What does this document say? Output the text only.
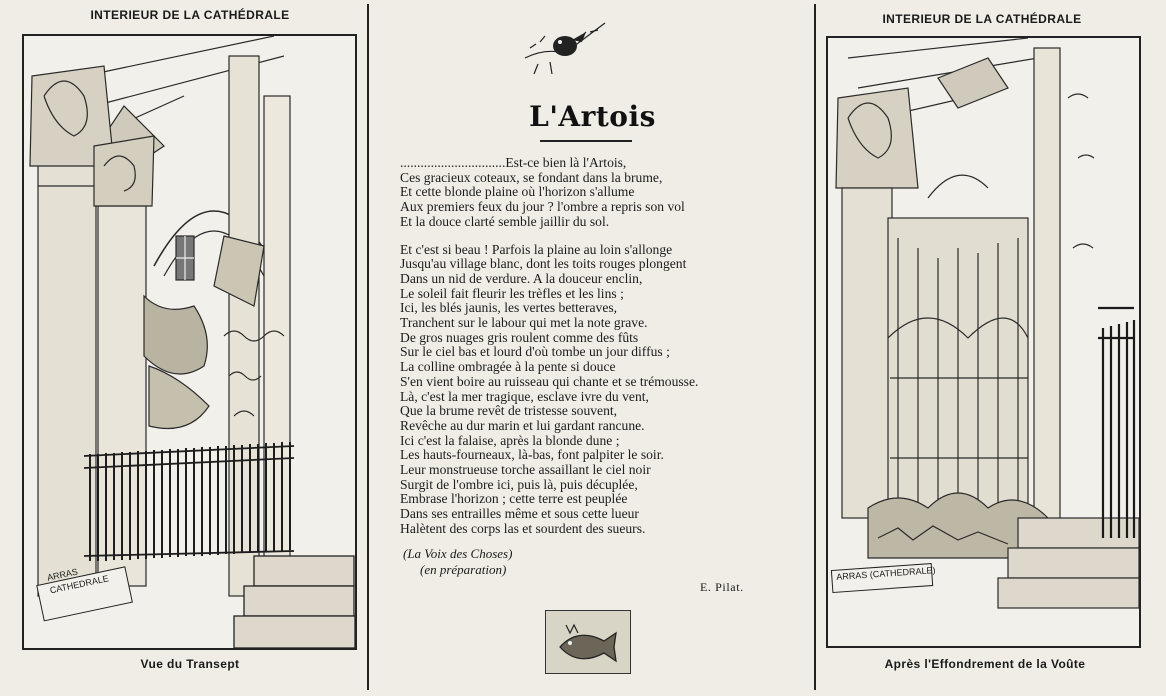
INTERIEUR DE LA CATHÉDRALE
ARRAS CATHEDRALE
Vue du Transept
L'Artois
...............................Est-ce bien là l'Artois,
Ces gracieux coteaux, se fondant dans la brume,
Et cette blonde plaine où l'horizon s'allume
Aux premiers feux du jour ? l'ombre a repris son vol
Et la douce clarté semble jaillir du sol.
Et c'est si beau ! Parfois la plaine au loin s'allonge
Jusqu'au village blanc, dont les toits rouges plongent
Dans un nid de verdure. A la douceur enclin,
Le soleil fait fleurir les trèfles et les lins ;
Ici, les blés jaunis, les vertes betteraves,
Tranchent sur le labour qui met la note grave.
De gros nuages gris roulent comme des fûts
Sur le ciel bas et lourd d'où tombe un jour diffus ;
La colline ombragée à la pente si douce
S'en vient boire au ruisseau qui chante et se trémousse.
Là, c'est la mer tragique, esclave ivre du vent,
Que la brume revêt de tristesse souvent,
Revêche au dur marin et lui gardant rancune.
Ici c'est la falaise, après la blonde dune ;
Les hauts-fourneaux, là-bas, font palpiter le soir.
Leur monstrueuse torche assaillant le ciel noir
Surgit de l'ombre ici, puis là, puis décuplée,
Embrase l'horizon ; cette terre est peuplée
Dans ses entrailles même et sous cette lueur
Halètent des corps las et sourdent des sueurs.
(La Voix des Choses)
(en préparation)
E. Pilat.
INTERIEUR DE LA CATHÉDRALE
ARRAS (CATHEDRALE)
Après l'Effondrement de la Voûte
